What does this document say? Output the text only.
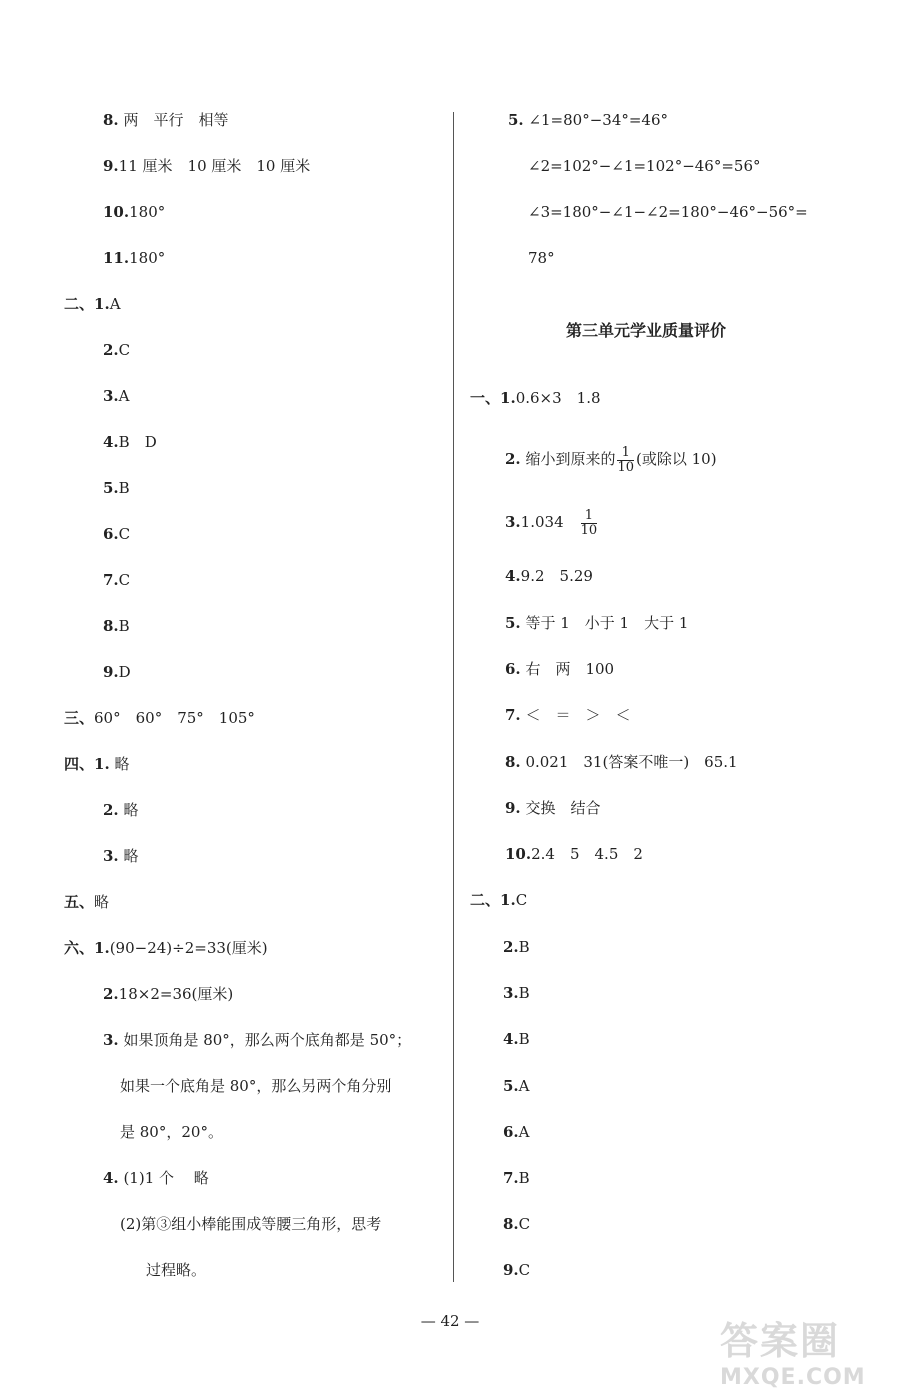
8. 两　平行　相等
9.11 厘米　10 厘米　10 厘米
10.180°
11.180°
二、1.A
2.C
3.A
4.B　D
5.B
6.C
7.C
8.B
9.D
三、60°　60°　75°　105°
四、1. 略
2. 略
3. 略
五、略
六、1.(90−24)÷2=33(厘米)
2.18×2=36(厘米)
3. 如果顶角是 80°，那么两个底角都是 50°；
如果一个底角是 80°，那么另两个角分别
是 80°，20°。
4. (1)1 个　 略
(2)第③组小棒能围成等腰三角形，思考
过程略。
5. ∠1=80°−34°=46°
∠2=102°−∠1=102°−46°=56°
∠3=180°−∠1−∠2=180°−46°−56°=
78°
第三单元学业质量评价
一、1.0.6×3　1.8
2. 缩小到原来的 $\frac{1}{10}$ (或除以 10)
3.1.034　 $\frac{1}{10}$
4.9.2　5.29
5. 等于 1　小于 1　大于 1
6. 右　两　100
7. ＜　＝　＞　＜
8. 0.021　31(答案不唯一)　65.1
9. 交换　结合
10.2.4　5　4.5　2
二、1.C
2.B
3.B
4.B
5.A
6.A
7.B
8.C
9.C
— 42 —	答案圈
MXQE.COM
